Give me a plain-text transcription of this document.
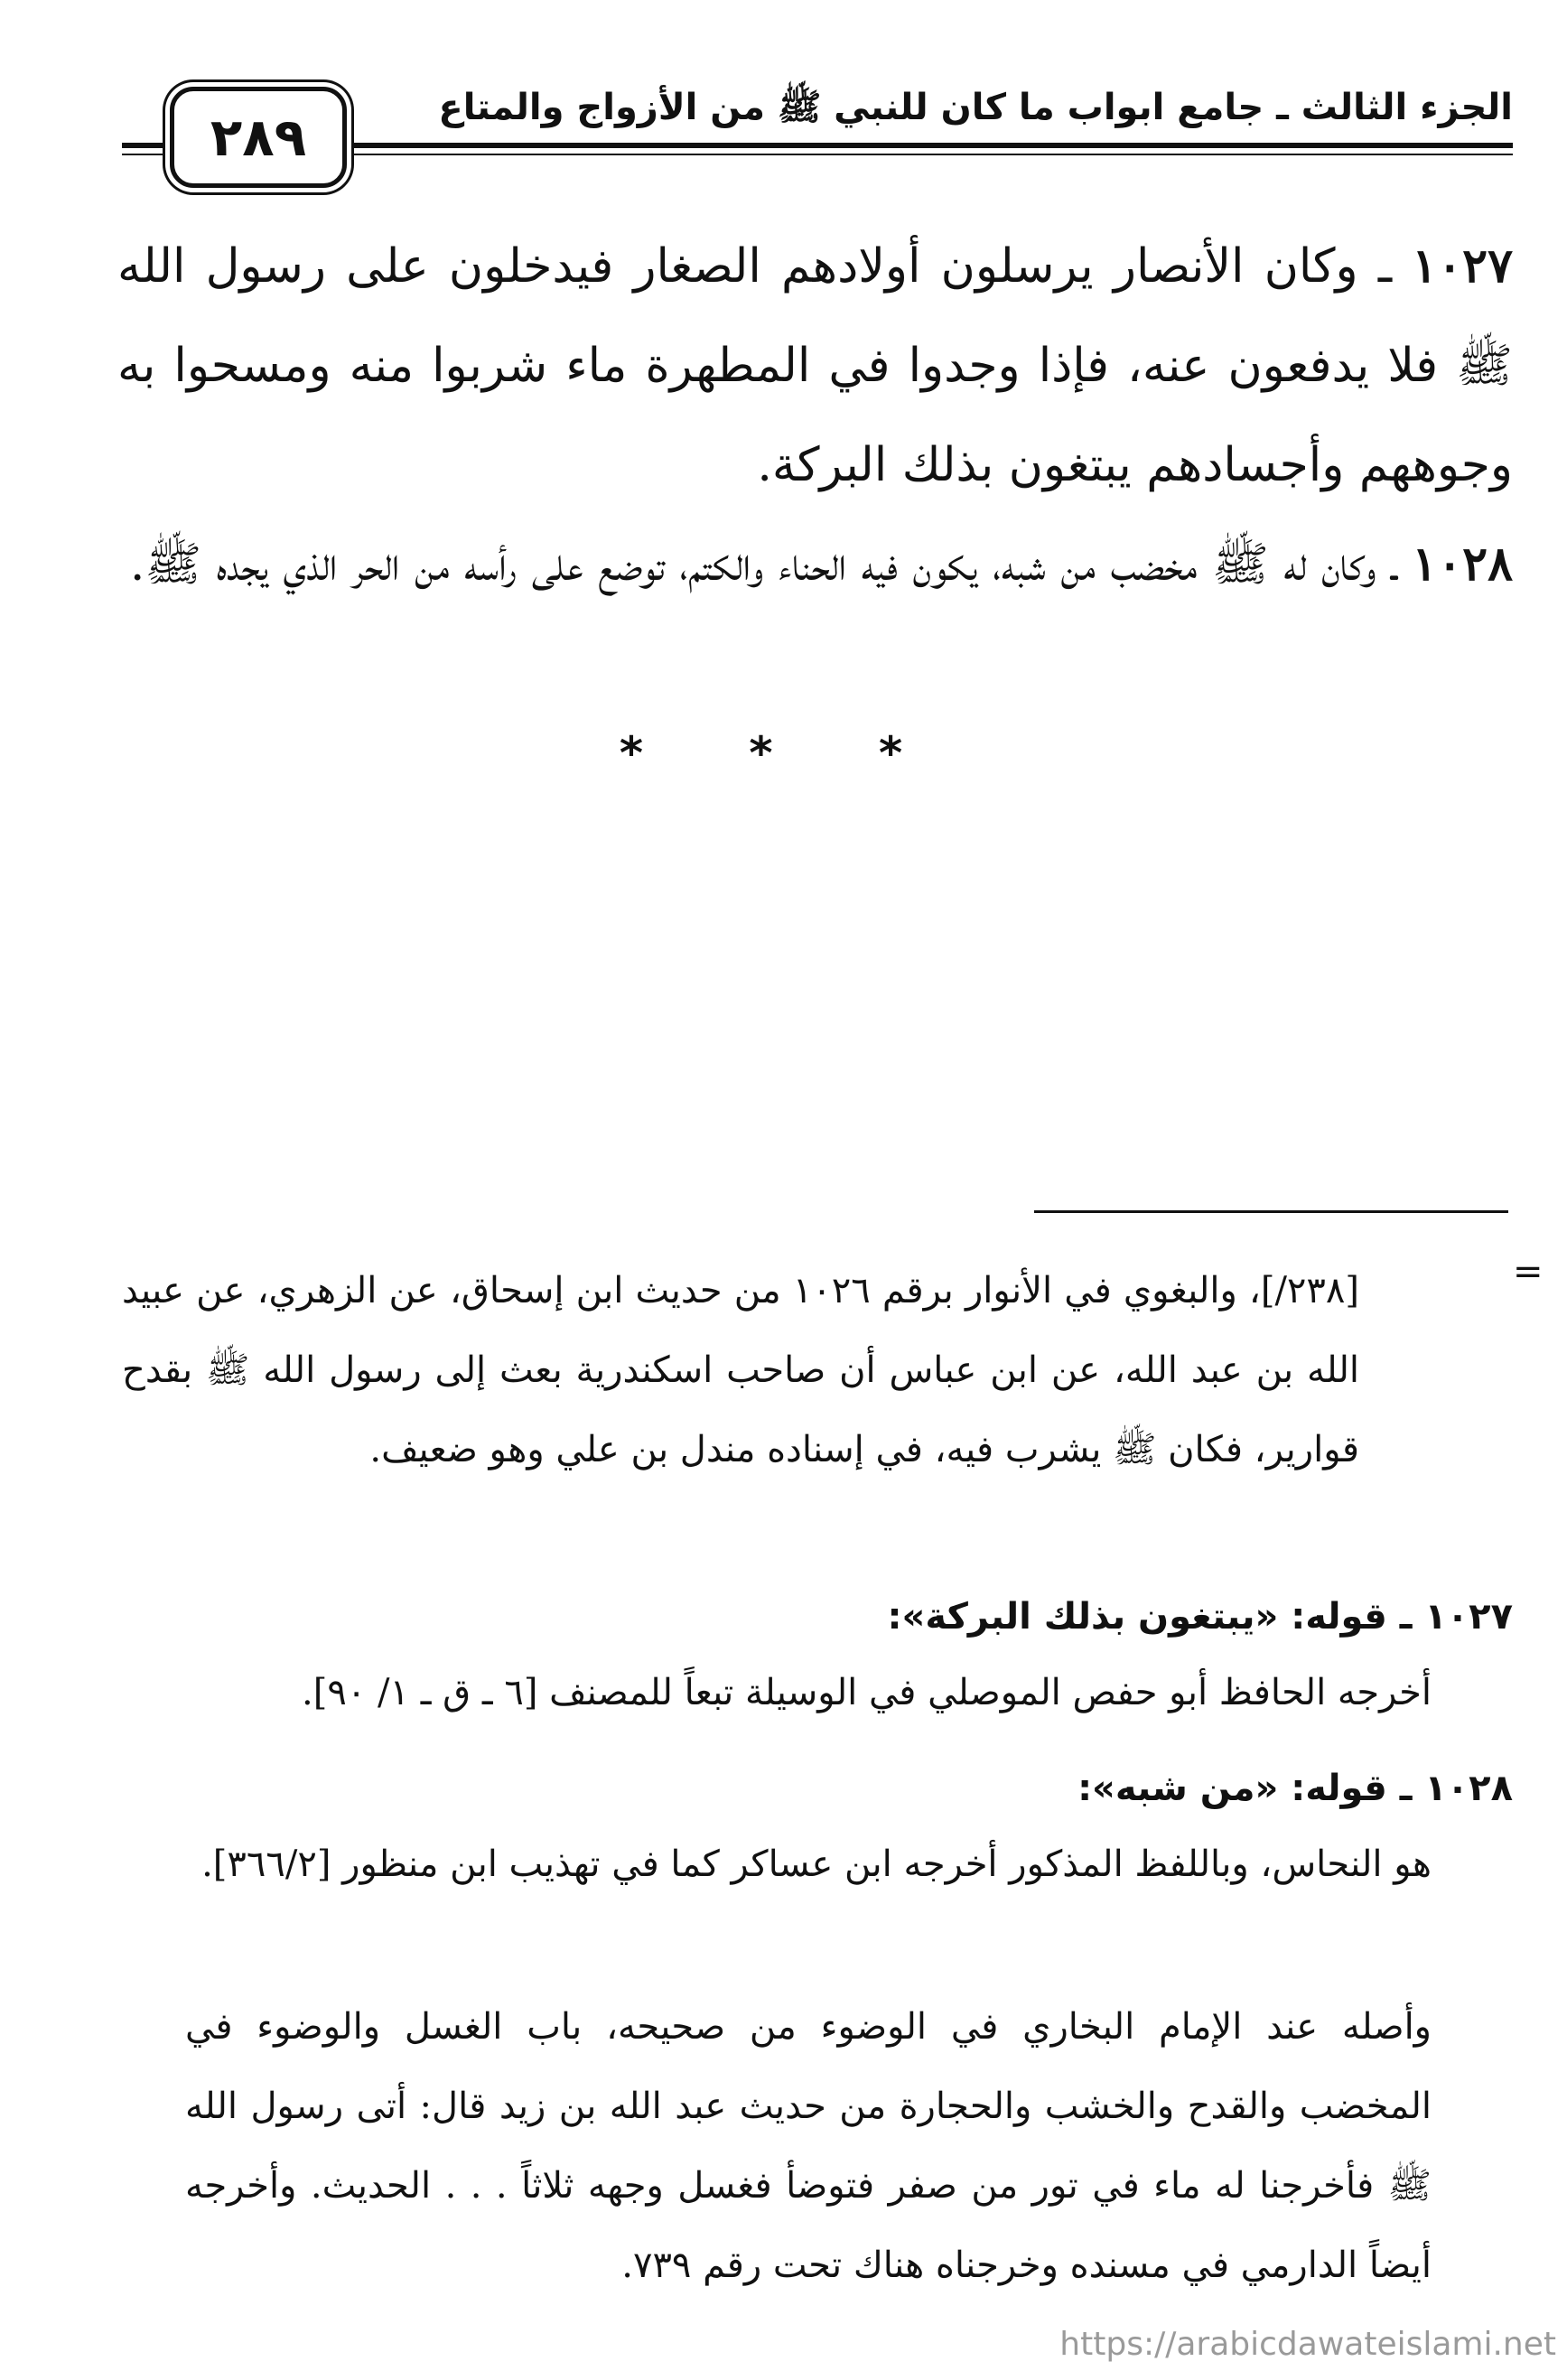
الجزء الثالث ـ جامع ابواب ما كان للنبي ﷺ من الأزواج والمتاع
٢٨٩
١٠٢٧ ـ وكان الأنصار يرسلون أولادهم الصغار فيدخلون على رسول الله ﷺ فلا يدفعون عنه، فإذا وجدوا في المطهرة ماء شربوا منه ومسحوا به وجوههم وأجسادهم يبتغون بذلك البركة.
١٠٢٨ ـ وكان له ﷺ مخضب من شبه، يكون فيه الحناء والكتم، توضع على رأسه من الحر الذي يجده ﷺ.
* * *
=
[٢٣٨/]، والبغوي في الأنوار برقم ١٠٢٦ من حديث ابن إسحاق، عن الزهري، عن عبيد الله بن عبد الله، عن ابن عباس أن صاحب اسكندرية بعث إلى رسول الله ﷺ بقدح قوارير، فكان ﷺ يشرب فيه، في إسناده مندل بن علي وهو ضعيف.
١٠٢٧ ـ قوله: «يبتغون بذلك البركة»:
أخرجه الحافظ أبو حفص الموصلي في الوسيلة تبعاً للمصنف [٦ ـ ق ـ ١/ ٩٠].
١٠٢٨ ـ قوله: «من شبه»:
هو النحاس، وباللفظ المذكور أخرجه ابن عساكر كما في تهذيب ابن منظور [٣٦٦/٢].
وأصله عند الإمام البخاري في الوضوء من صحيحه، باب الغسل والوضوء في المخضب والقدح والخشب والحجارة من حديث عبد الله بن زيد قال: أتى رسول الله ﷺ فأخرجنا له ماء في تور من صفر فتوضأ فغسل وجهه ثلاثاً . . . الحديث. وأخرجه أيضاً الدارمي في مسنده وخرجناه هناك تحت رقم ٧٣٩.
https://arabicdawateislami.net
